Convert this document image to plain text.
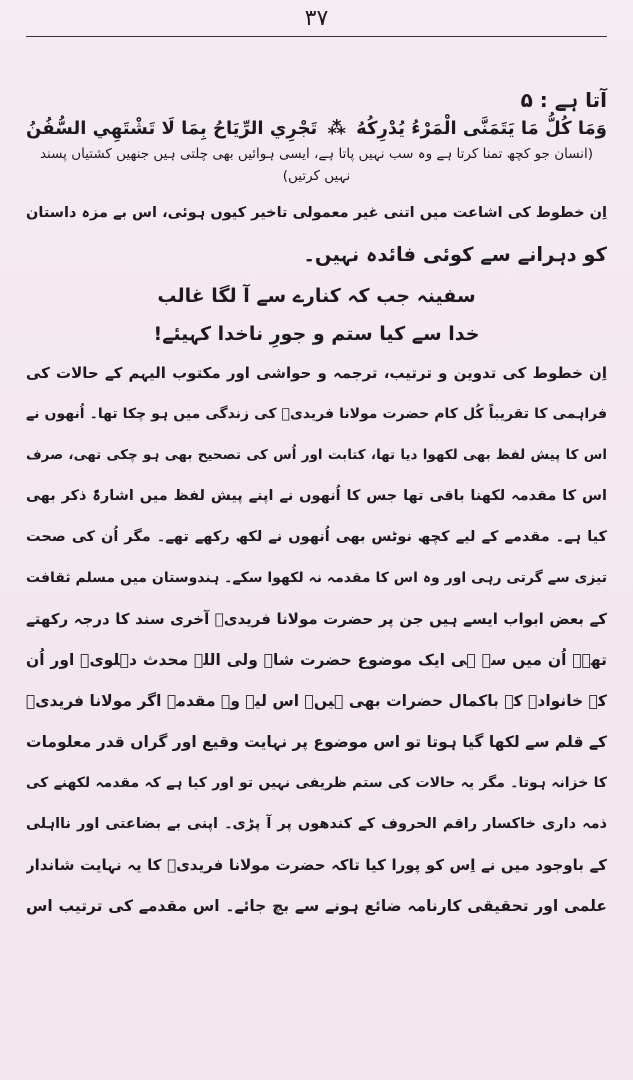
۳۷
آتا ہے : ۵
وَمَا كُلُّ مَا يَتَمَنَّى الْمَرْءُ يُدْرِكُهُ
⁂
تَجْرِي الرِّيَاحُ بِمَا لَا تَشْتَهِي السُّفُنُ
(انسان جو کچھ تمنا کرتا ہے وہ سب نہیں پاتا ہے، ایسی ہوائیں بھی چلتی ہیں جنھیں کشتیاں پسند نہیں کرتیں)
اِن خطوط کی اشاعت میں اتنی غیر معمولی تاخیر کیوں ہوئی، اس بے مزہ داستان
کو دہرانے سے کوئی فائدہ نہیں۔
سفینہ جب کہ کنارے سے آ لگا غالب
خدا سے کیا ستم و جورِ ناخدا کہیئے!
اِن خطوط کی تدوین و ترتیب، ترجمہ و حواشی اور مکتوب الیہم کے حالات کی
فراہمی کا تقریباً کُل کام حضرت مولانا فریدیؒ کی زندگی میں ہو چکا تھا۔ اُنھوں نے
اس کا پیش لفظ بھی لکھوا دیا تھا، کتابت اور اُس کی تصحیح بھی ہو چکی تھی، صرف
اس کا مقدمہ لکھنا باقی تھا جس کا اُنھوں نے اپنے پیش لفظ میں اشارۃً ذکر بھی
کیا ہے۔ مقدمے کے لیے کچھ نوٹس بھی اُنھوں نے لکھ رکھے تھے۔ مگر اُن کی صحت
تیزی سے گرتی رہی اور وہ اس کا مقدمہ نہ لکھوا سکے۔ ہندوستان میں مسلم ثقافت
کے بعض ابواب ایسے ہیں جن پر حضرت مولانا فریدیؒ آخری سند کا درجہ رکھتے
تھے۔ اُن میں سے ہی ایک موضوع حضرت شاہ ولی اللہ محدث دہلویؒ اور اُن
کے خانوادے کے باکمال حضرات بھی ہیں۔ اس لیے وہ مقدمہ اگر مولانا فریدیؒ
کے قلم سے لکھا گیا ہوتا تو اس موضوع پر نہایت وقیع اور گراں قدر معلومات
کا خزانہ ہوتا۔ مگر یہ حالات کی ستم ظریفی نہیں تو اور کیا ہے کہ مقدمہ لکھنے کی
ذمہ داری خاکسار راقم الحروف کے کندھوں پر آ پڑی۔ اپنی بے بضاعتی اور نااہلی
کے باوجود میں نے اِس کو پورا کیا تاکہ حضرت مولانا فریدیؒ کا یہ نہایت شاندار
علمی اور تحقیقی کارنامہ ضائع ہونے سے بچ جائے۔ اس مقدمے کی ترتیب اس
